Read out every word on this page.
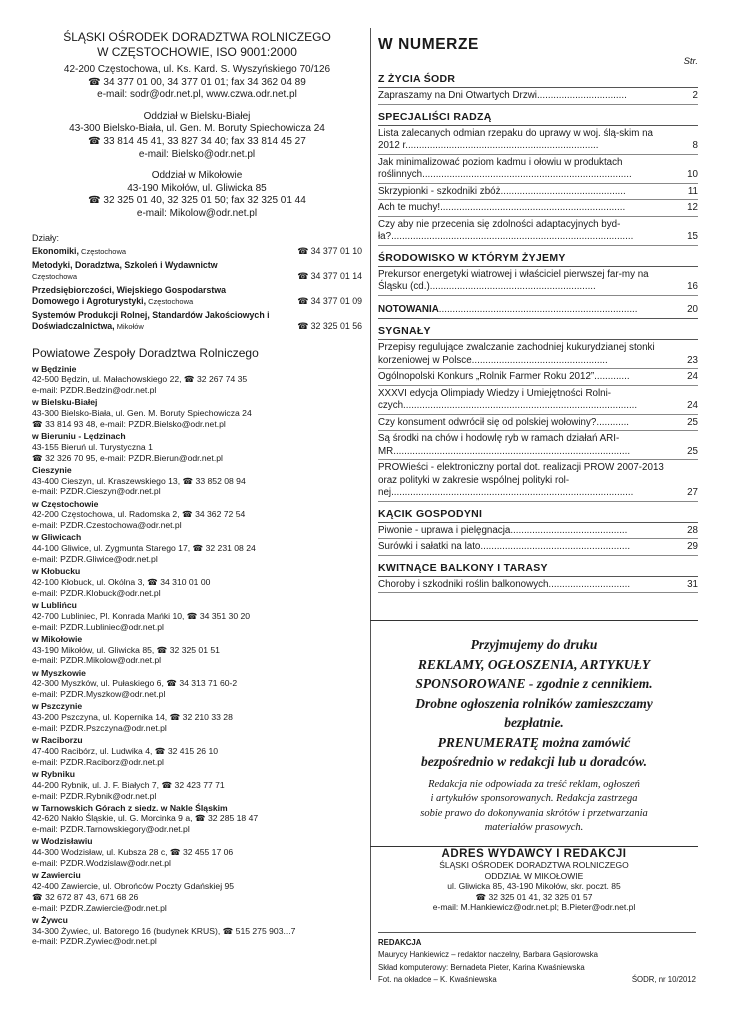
ŚLĄSKI OŚRODEK DORADZTWA ROLNICZEGO
W CZĘSTOCHOWIE, ISO 9001:2000
42-200 Częstochowa, ul. Ks. Kard. S. Wyszyńskiego 70/126
☎ 34 377 01 00, 34 377 01 01; fax 34 362 04 89
e-mail: sodr@odr.net.pl, www.czwa.odr.net.pl
Oddział w Bielsku-Białej
43-300 Bielsko-Biała, ul. Gen. M. Boruty Spiechowicza 24
☎ 33 814 45 41, 33 827 34 40; fax 33 814 45 27
e-mail: Bielsko@odr.net.pl
Oddział w Mikołowie
43-190 Mikołów, ul. Gliwicka 85
☎ 32 325 01 40, 32 325 01 50; fax 32 325 01 44
e-mail: Mikolow@odr.net.pl
Działy:
Ekonomiki, Częstochowa	☎ 34 377 01 10
Metodyki, Doradztwa, Szkoleń i Wydawnictw
Częstochowa	☎ 34 377 01 14
Przedsiębiorczości, Wiejskiego Gospodarstwa Domowego i Agroturystyki, Częstochowa	☎ 34 377 01 09
Systemów Produkcji Rolnej, Standardów Jakościowych i Doświadczalnictwa, Mikołów	☎ 32 325 01 56
Powiatowe Zespoły Doradztwa Rolniczego
w Będzinie
42-500 Będzin, ul. Małachowskiego 22, ☎ 32 267 74 35
e-mail: PZDR.Bedzin@odr.net.pl
w Bielsku-Białej
43-300 Bielsko-Biała, ul. Gen. M. Boruty Spiechowicza 24
☎ 33 814 93 48, e-mail: PZDR.Bielsko@odr.net.pl
w Bieruniu - Lędzinach
43-155 Bieruń ul. Turystyczna 1
☎ 32 326 70 95, e-mail: PZDR.Bierun@odr.net.pl
Cieszynie
43-400 Cieszyn, ul. Kraszewskiego 13, ☎ 33 852 08 94
e-mail: PZDR.Cieszyn@odr.net.pl
w Częstochowie
42-200 Częstochowa, ul. Radomska 2, ☎ 34 362 72 54
e-mail: PZDR.Czestochowa@odr.net.pl
w Gliwicach
44-100 Gliwice, ul. Zygmunta Starego 17, ☎ 32 231 08 24
e-mail: PZDR.Gliwice@odr.net.pl
w Kłobucku
42-100 Kłobuck, ul. Okólna 3, ☎ 34 310 01 00
e-mail: PZDR.Klobuck@odr.net.pl
w Lublińcu
42-700 Lubliniec, Pl. Konrada Mańki 10, ☎ 34 351 30 20
e-mail: PZDR.Lubliniec@odr.net.pl
w Mikołowie
43-190 Mikołów, ul. Gliwicka 85, ☎ 32 325 01 51
e-mail: PZDR.Mikolow@odr.net.pl
w Myszkowie
42-300 Myszków, ul. Pułaskiego 6, ☎ 34 313 71 60-2
e-mail: PZDR.Myszkow@odr.net.pl
w Pszczynie
43-200 Pszczyna, ul. Kopernika 14, ☎ 32 210 33 28
e-mail: PZDR.Pszczyna@odr.net.pl
w Raciborzu
47-400 Racibórz, ul. Ludwika 4, ☎ 32 415 26 10
e-mail: PZDR.Raciborz@odr.net.pl
w Rybniku
44-200 Rybnik, ul. J. F. Białych 7, ☎ 32 423 77 71
e-mail: PZDR.Rybnik@odr.net.pl
w Tarnowskich Górach z siedz. w Nakle Śląskim
42-620 Nakło Śląskie, ul. G. Morcinka 9 a, ☎ 32 285 18 47
e-mail: PZDR.Tarnowskiegory@odr.net.pl
w Wodzisławiu
44-300 Wodzisław, ul. Kubsza 28 c, ☎ 32 455 17 06
e-mail: PZDR.Wodzislaw@odr.net.pl
w Zawierciu
42-400 Zawiercie, ul. Obrońców Poczty Gdańskiej 95
☎ 32 672 87 43, 671 68 26
e-mail: PZDR.Zawiercie@odr.net.pl
w Żywcu
34-300 Żywiec, ul. Batorego 16 (budynek KRUS), ☎ 515 275 903...7
e-mail: PZDR.Zywiec@odr.net.pl
W NUMERZE
Str.
Z ŻYCIA ŚODR
Zapraszamy na Dni Otwartych Drzwi.................................	2
SPECJALIŚCI RADZĄ
Lista zalecanych odmian rzepaku do uprawy w woj. ślą-skim na 2012 r.......................................................................	8
Jak minimalizować poziom kadmu i ołowiu w produktach roślinnych.............................................................................	10
Skrzypionki - szkodniki zbóż..............................................	11
Ach te muchy!....................................................................	12
Czy aby nie przecenia się zdolności adaptacyjnych byd-ła?.........................................................................................	15
ŚRODOWISKO W KTÓRYM ŻYJEMY
Prekursor energetyki wiatrowej i właściciel pierwszej far-my na Śląsku (cd.).............................................................	16
NOTOWANIA.........................................................................	20
SYGNAŁY
Przepisy regulujące zwalczanie zachodniej kukurydzianej stonki korzeniowej w Polsce..................................................	23
Ogólnopolski Konkurs „Rolnik Farmer Roku 2012”.............	24
XXXVI edycja Olimpiady Wiedzy i Umiejętności Rolni-czych......................................................................................	24
Czy konsument odwrócił się od polskiej wołowiny?............	25
Są środki na chów i hodowlę ryb w ramach działań ARI-MR.......................................................................................	25
PROWieści - elektroniczny portal dot. realizacji PROW 2007-2013 oraz polityki w zakresie wspólnej polityki rol-nej.........................................................................................	27
KĄCIK GOSPODYNI
Piwonie - uprawa i pielęgnacja...........................................	28
Surówki i sałatki na lato.......................................................	29
KWITNĄCE BALKONY I TARASY
Choroby i szkodniki roślin balkonowych..............................	31
Przyjmujemy do druku
REKLAMY, OGŁOSZENIA, ARTYKUŁY
SPONSOROWANE - zgodnie z cennikiem.
Drobne ogłoszenia rolników zamieszczamy
bezpłatnie.
PRENUMERATĘ można zamówić
bezpośrednio w redakcji lub u doradców.
Redakcja nie odpowiada za treść reklam, ogłoszeń
i artykułów sponsorowanych. Redakcja zastrzega
sobie prawo do dokonywania skrótów i przetwarzania
materiałów prasowych.
ADRES WYDAWCY I REDAKCJI
ŚLĄSKI OŚRODEK DORADZTWA ROLNICZEGO
ODDZIAŁ W MIKOŁOWIE
ul. Gliwicka 85, 43-190 Mikołów, skr. poczt. 85
☎ 32 325 01 41, 32 325 01 57
e-mail: M.Hankiewicz@odr.net.pl; B.Pieter@odr.net.pl
REDAKCJA
Maurycy Hankiewicz – redaktor naczelny, Barbara Gąsiorowska
Skład komputerowy: Bernadeta Pieter, Karina Kwaśniewska
Fot. na okładce – K. Kwaśniewska	ŚODR, nr 10/2012
